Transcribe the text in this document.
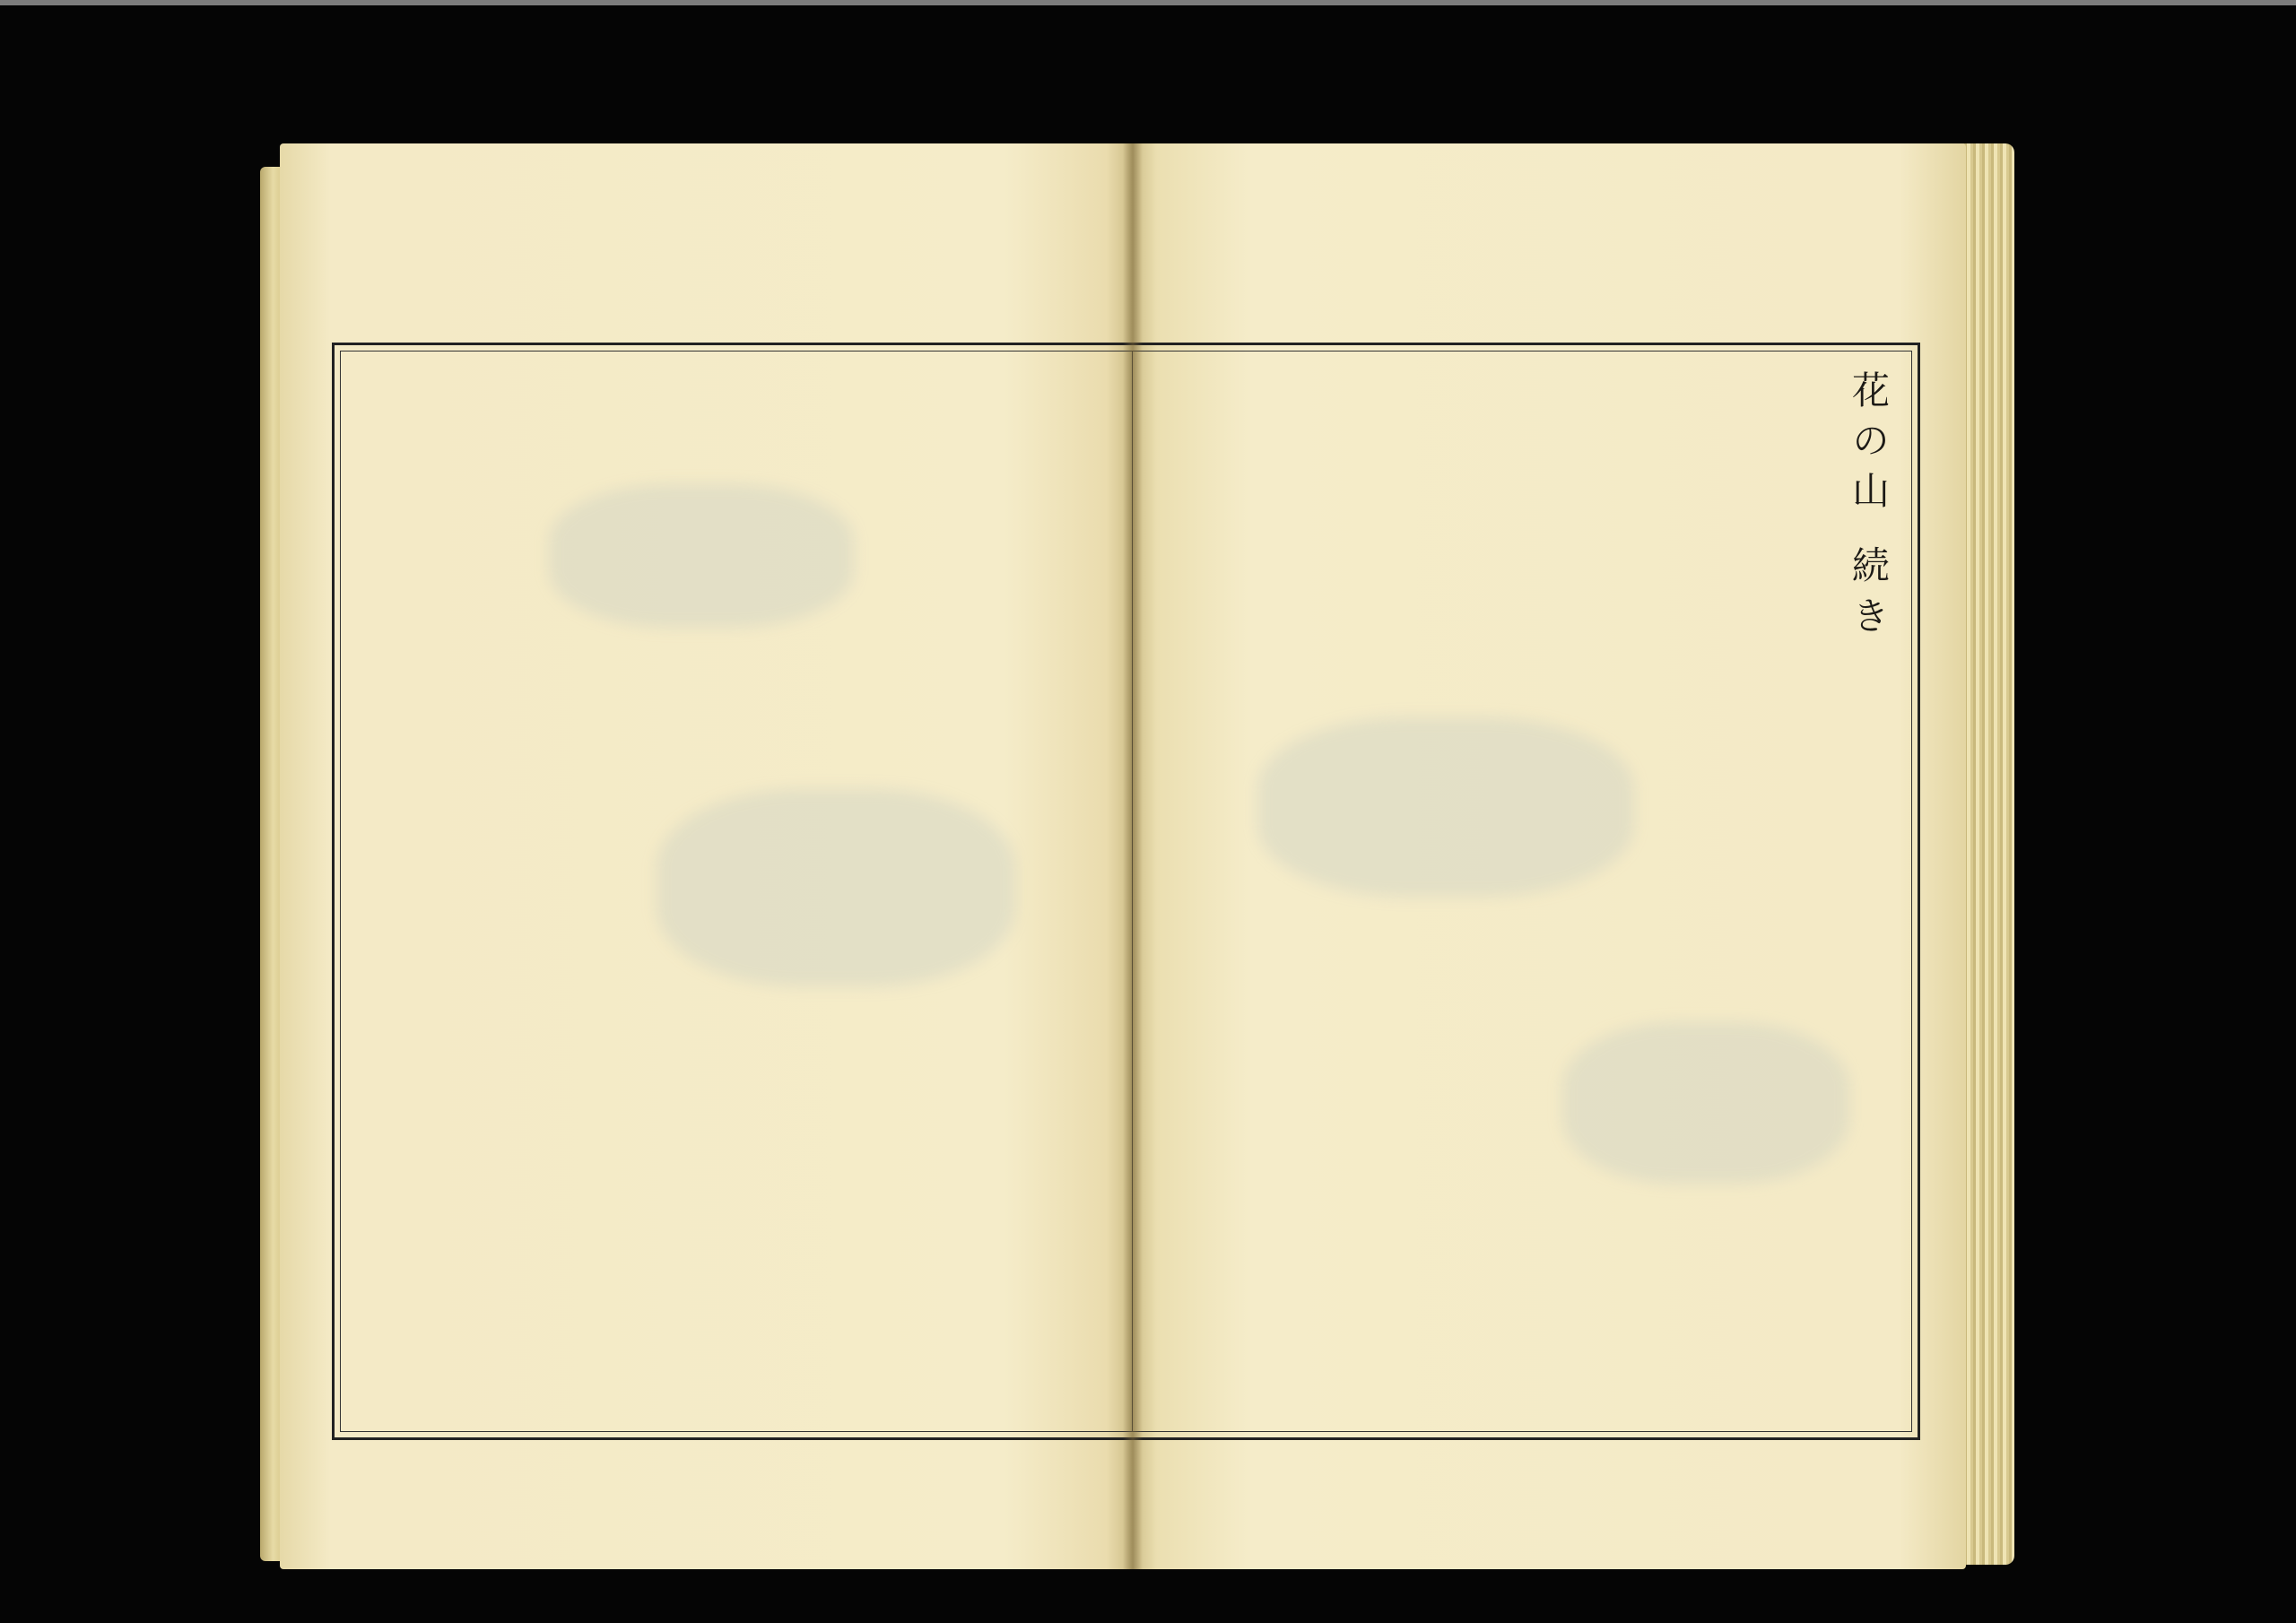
花の山 続き
